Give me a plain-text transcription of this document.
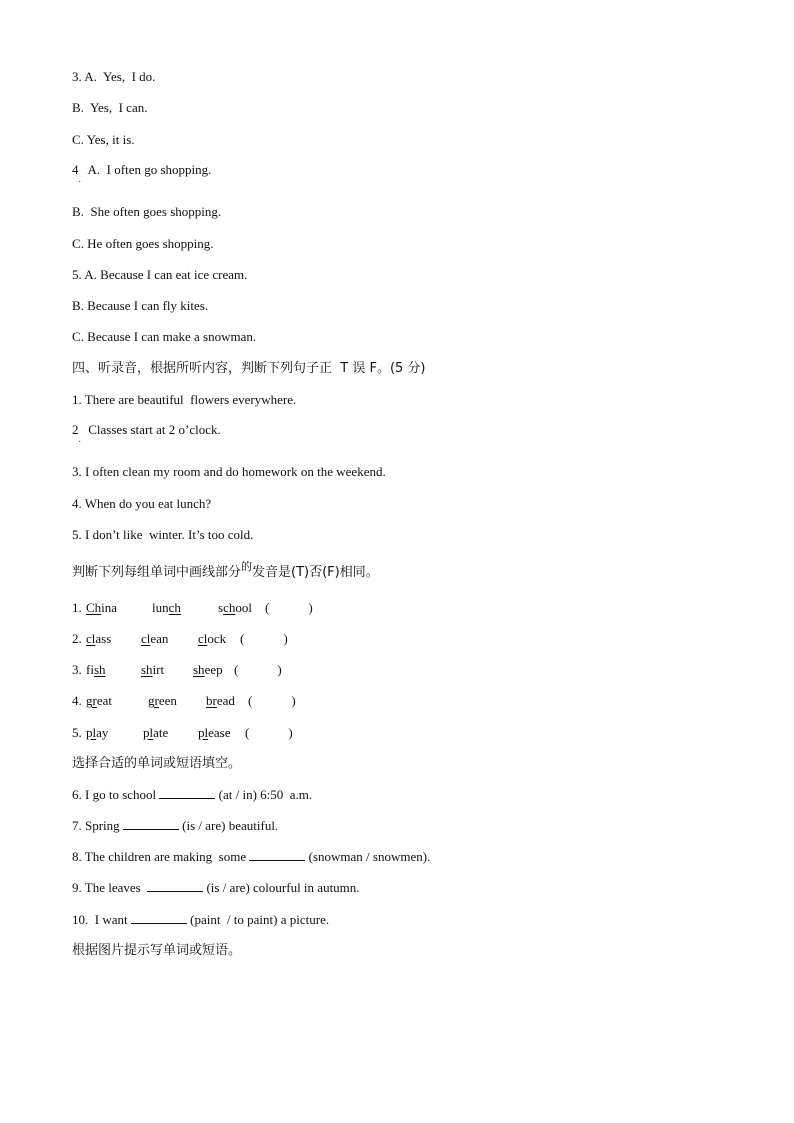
3. A.  Yes,  I do.
B.  Yes,  I can.
C. Yes, it is.
4   A.  I often go shopping.
·
B.  She often goes shopping.
C. He often goes shopping.
5. A. Because I can eat ice cream.
B. Because I can fly kites.
C. Because I can make a snowman.
四、听录音，根据所听内容，判断下列句子正  T 误 F。(5 分)
1. There are beautiful  flowers everywhere.
2   Classes start at 2 o’clock.
·
3. I often clean my room and do homework on the weekend.
4. When do you eat lunch?
5. I don’t like  winter. It’s too cold.
判断下列每组单词中画线部分$^的$发音是(T)否(F)相同。
1. China	lunch	school (            )
2. class clean clock (            )
3. fish	shirt sheep (            )
4. great	green bread (            )
5. play	plate please (            )
选择合适的单词或短语填空。
6. I go to school	(at / in) 6:50  a.m.
7. Spring	(is / are) beautiful.
8. The children are making  some	(snowman / snowmen).
9. The leaves	(is / are) colourful in autumn.
10.  I want	(paint  / to paint) a picture.
根据图片提示写单词或短语。
